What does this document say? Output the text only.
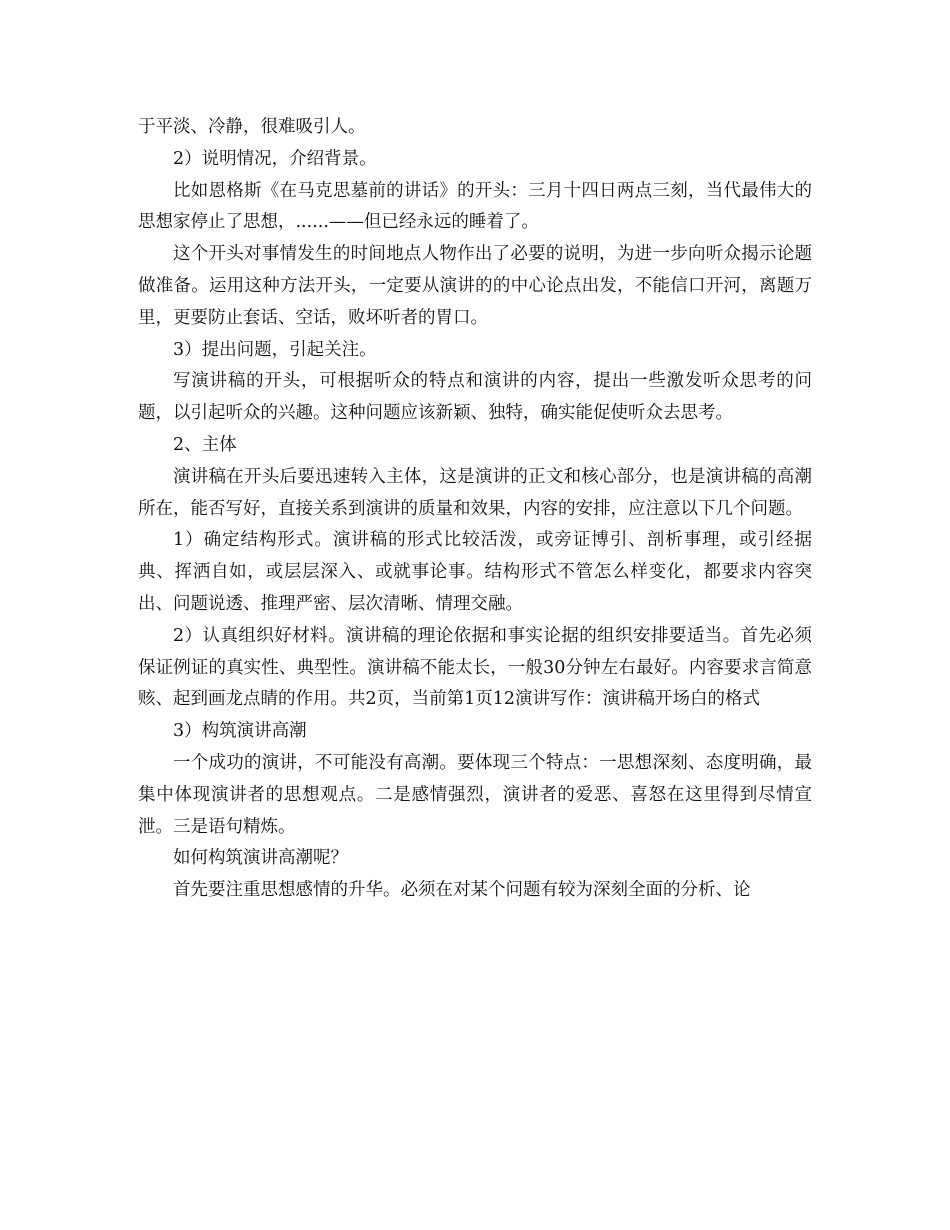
于平淡、冷静，很难吸引人。

2）说明情况，介绍背景。

比如恩格斯《在马克思墓前的讲话》的开头：三月十四日两点三刻，当代最伟大的思想家停止了思想，......——但已经永远的睡着了。

这个开头对事情发生的时间地点人物作出了必要的说明，为进一步向听众揭示论题做准备。运用这种方法开头，一定要从演讲的的中心论点出发，不能信口开河，离题万里，更要防止套话、空话，败坏听者的胃口。

3）提出问题，引起关注。

写演讲稿的开头，可根据听众的特点和演讲的内容，提出一些激发听众思考的问题，以引起听众的兴趣。这种问题应该新颖、独特，确实能促使听众去思考。

2、主体

演讲稿在开头后要迅速转入主体，这是演讲的正文和核心部分，也是演讲稿的高潮所在，能否写好，直接关系到演讲的质量和效果，内容的安排，应注意以下几个问题。

1）确定结构形式。演讲稿的形式比较活泼，或旁证博引、剖析事理，或引经据典、挥洒自如，或层层深入、或就事论事。结构形式不管怎么样变化，都要求内容突出、问题说透、推理严密、层次清晰、情理交融。

2）认真组织好材料。演讲稿的理论依据和事实论据的组织安排要适当。首先必须保证例证的真实性、典型性。演讲稿不能太长，一般30分钟左右最好。内容要求言简意赅、起到画龙点睛的作用。共2页，当前第1页12演讲写作：演讲稿开场白的格式

3）构筑演讲高潮

一个成功的演讲，不可能没有高潮。要体现三个特点：一思想深刻、态度明确，最集中体现演讲者的思想观点。二是感情强烈，演讲者的爱恶、喜怒在这里得到尽情宣泄。三是语句精炼。

如何构筑演讲高潮呢？

首先要注重思想感情的升华。必须在对某个问题有较为深刻全面的分析、论
